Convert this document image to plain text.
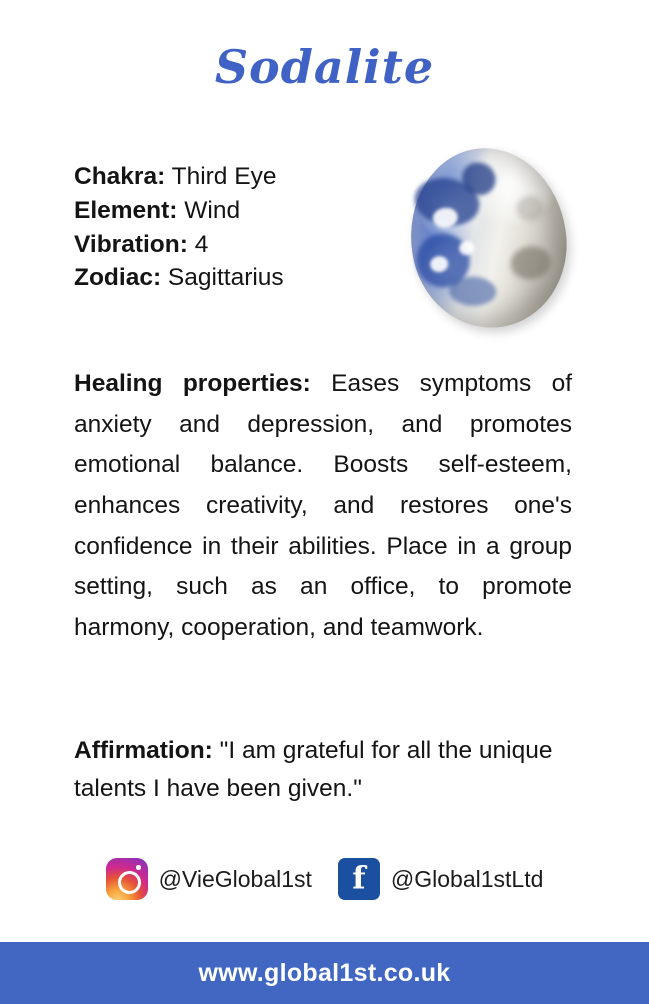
Sodalite
Chakra: Third Eye
Element: Wind
Vibration: 4
Zodiac: Sagittarius
Healing properties: Eases symptoms of anxiety and depression, and promotes emotional balance. Boosts self-esteem, enhances creativity, and restores one's confidence in their abilities. Place in a group setting, such as an office, to promote harmony, cooperation, and teamwork.
Affirmation: "I am grateful for all the unique talents I have been given."
@VieGlobal1st	f	@Global1stLtd
www.global1st.co.uk
